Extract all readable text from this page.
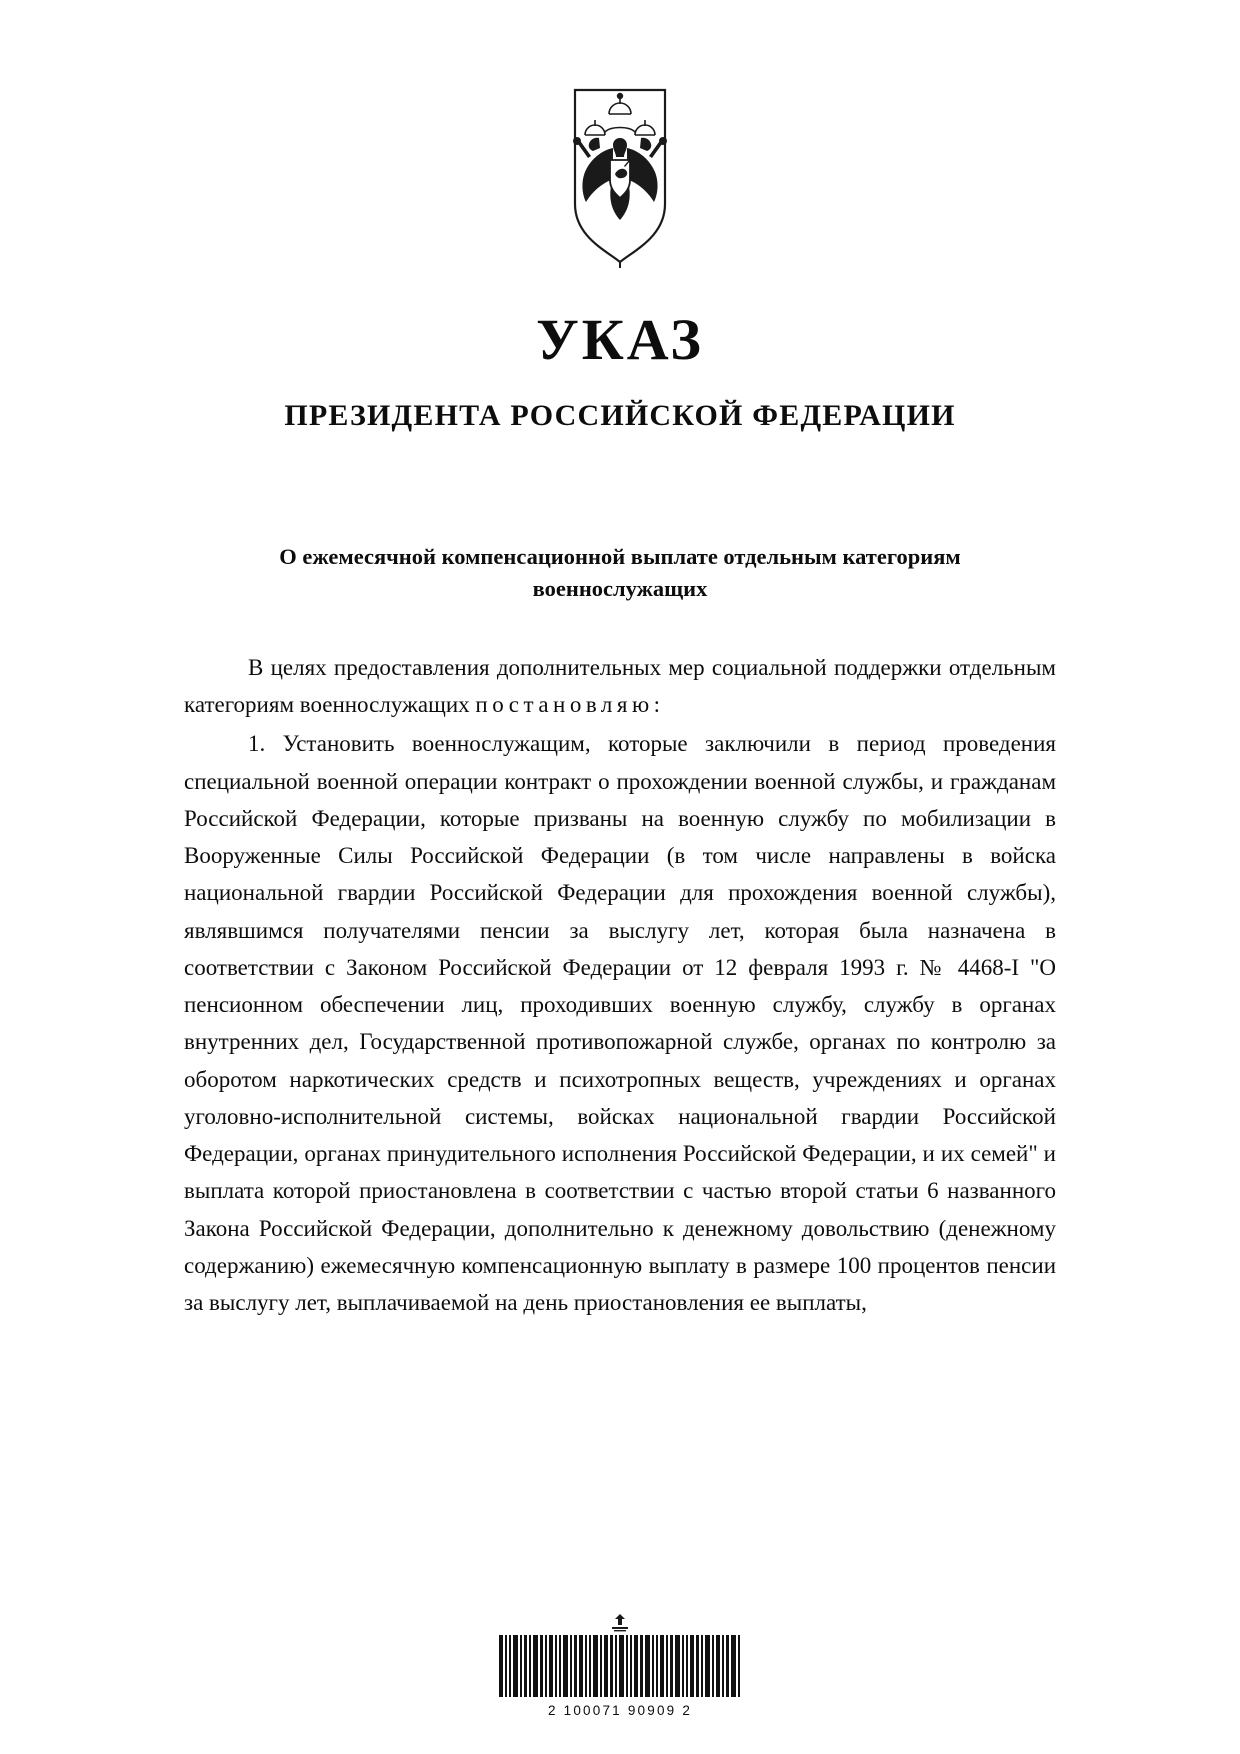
УКАЗ
ПРЕЗИДЕНТА РОССИЙСКОЙ ФЕДЕРАЦИИ
О ежемесячной компенсационной выплате отдельным категориям военнослужащих

В целях предоставления дополнительных мер социальной поддержки отдельным категориям военнослужащих постановляю:

1. Установить военнослужащим, которые заключили в период проведения специальной военной операции контракт о прохождении военной службы, и гражданам Российской Федерации, которые призваны на военную службу по мобилизации в Вооруженные Силы Российской Федерации (в том числе направлены в войска национальной гвардии Российской Федерации для прохождения военной службы), являвшимся получателями пенсии за выслугу лет, которая была назначена в соответствии с Законом Российской Федерации от 12 февраля 1993 г. № 4468-I "О пенсионном обеспечении лиц, проходивших военную службу, службу в органах внутренних дел, Государственной противопожарной службе, органах по контролю за оборотом наркотических средств и психотропных веществ, учреждениях и органах уголовно-исполнительной системы, войсках национальной гвардии Российской Федерации, органах принудительного исполнения Российской Федерации, и их семей" и выплата которой приостановлена в соответствии с частью второй статьи 6 названного Закона Российской Федерации, дополнительно к денежному довольствию (денежному содержанию) ежемесячную компенсационную выплату в размере 100 процентов пенсии за выслугу лет, выплачиваемой на день приостановления ее выплаты,

2 100071 90909 2
